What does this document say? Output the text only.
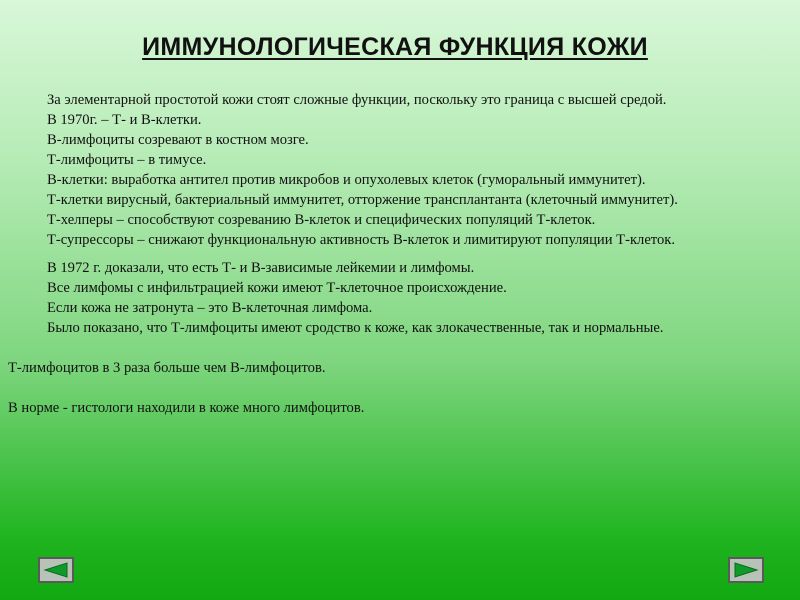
ИММУНОЛОГИЧЕСКАЯ ФУНКЦИЯ КОЖИ

За элементарной простотой кожи стоят сложные функции, поскольку это граница с высшей средой.

В 1970г. – Т- и В-клетки.

В-лимфоциты созревают в костном мозге.

Т-лимфоциты – в тимусе.

В-клетки: выработка антител против микробов и опухолевых клеток (гуморальный иммунитет).

Т-клетки вирусный, бактериальный иммунитет, отторжение трансплантанта (клеточный иммунитет).

Т-хелперы – способствуют созреванию В-клеток и специфических популяций Т-клеток.

Т-супрессоры – снижают функциональную активность В-клеток и лимитируют популяции Т-клеток.

В 1972 г. доказали, что есть Т- и В-зависимые лейкемии и лимфомы.

Все лимфомы с инфильтрацией кожи имеют Т-клеточное происхождение.

Если кожа не затронута – это В-клеточная лимфома.

Было показано, что Т-лимфоциты имеют сродство к коже, как злокачественные, так и нормальные.

Т-лимфоцитов в 3 раза больше чем В-лимфоцитов.

В норме - гистологи находили в коже много лимфоцитов.
